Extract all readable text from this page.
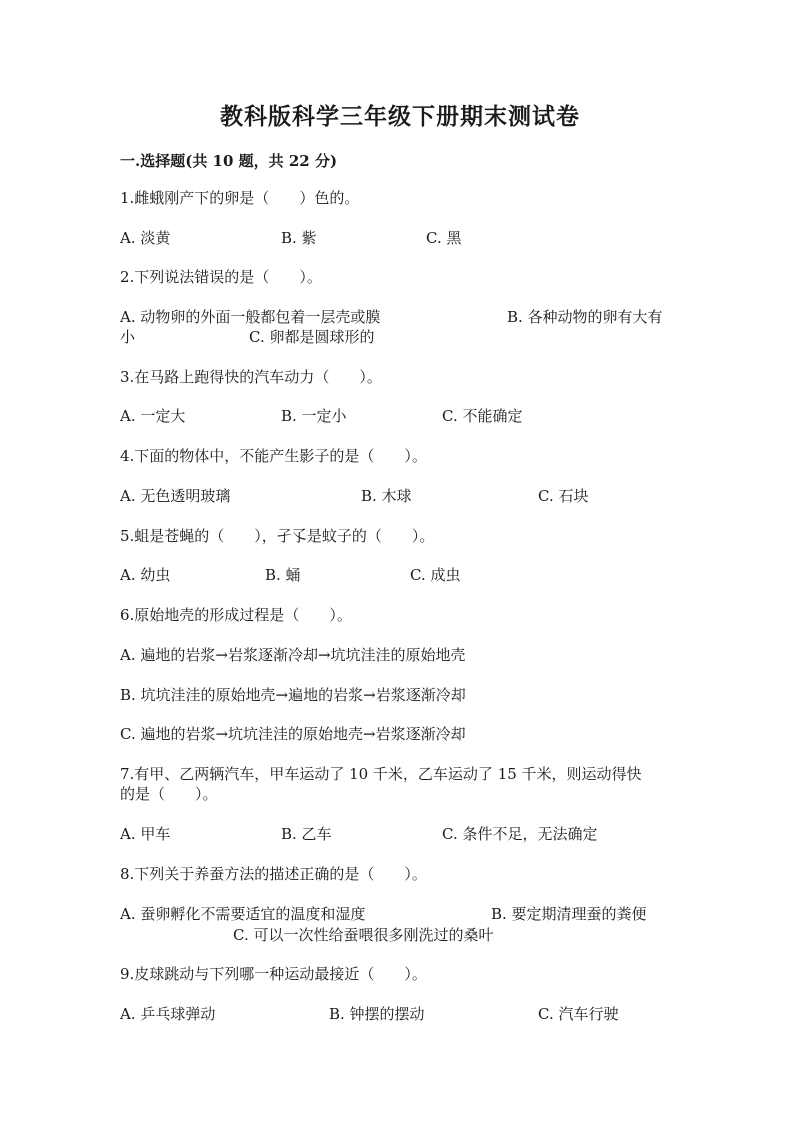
教科版科学三年级下册期末测试卷
一.选择题(共 10 题，共 22 分)
1.雌蛾刚产下的卵是（　　）色的。
A. 淡黄	B. 紫	C. 黑
2.下列说法错误的是（　　）。
A. 动物卵的外面一般都包着一层壳或膜	B. 各种动物的卵有大有
小	C. 卵都是圆球形的
3.在马路上跑得快的汽车动力（　　）。
A. 一定大	B. 一定小	C. 不能确定
4.下面的物体中，不能产生影子的是（　　）。
A. 无色透明玻璃	B. 木球	C. 石块
5.蛆是苍蝇的（　　），孑孓是蚊子的（　　）。
A. 幼虫	B. 蛹	C. 成虫
6.原始地壳的形成过程是（　　）。
A. 遍地的岩浆→岩浆逐渐冷却→坑坑洼洼的原始地壳
B. 坑坑洼洼的原始地壳→遍地的岩浆→岩浆逐渐冷却
C. 遍地的岩浆→坑坑洼洼的原始地壳→岩浆逐渐冷却
7.有甲、乙两辆汽车，甲车运动了 10 千米，乙车运动了 15 千米，则运动得快
的是（　　）。
A. 甲车	B. 乙车	C. 条件不足，无法确定
8.下列关于养蚕方法的描述正确的是（　　）。
A. 蚕卵孵化不需要适宜的温度和湿度	B. 要定期清理蚕的粪便
C. 可以一次性给蚕喂很多刚洗过的桑叶
9.皮球跳动与下列哪一种运动最接近（　　）。
A. 乒乓球弹动	B. 钟摆的摆动	C. 汽车行驶
